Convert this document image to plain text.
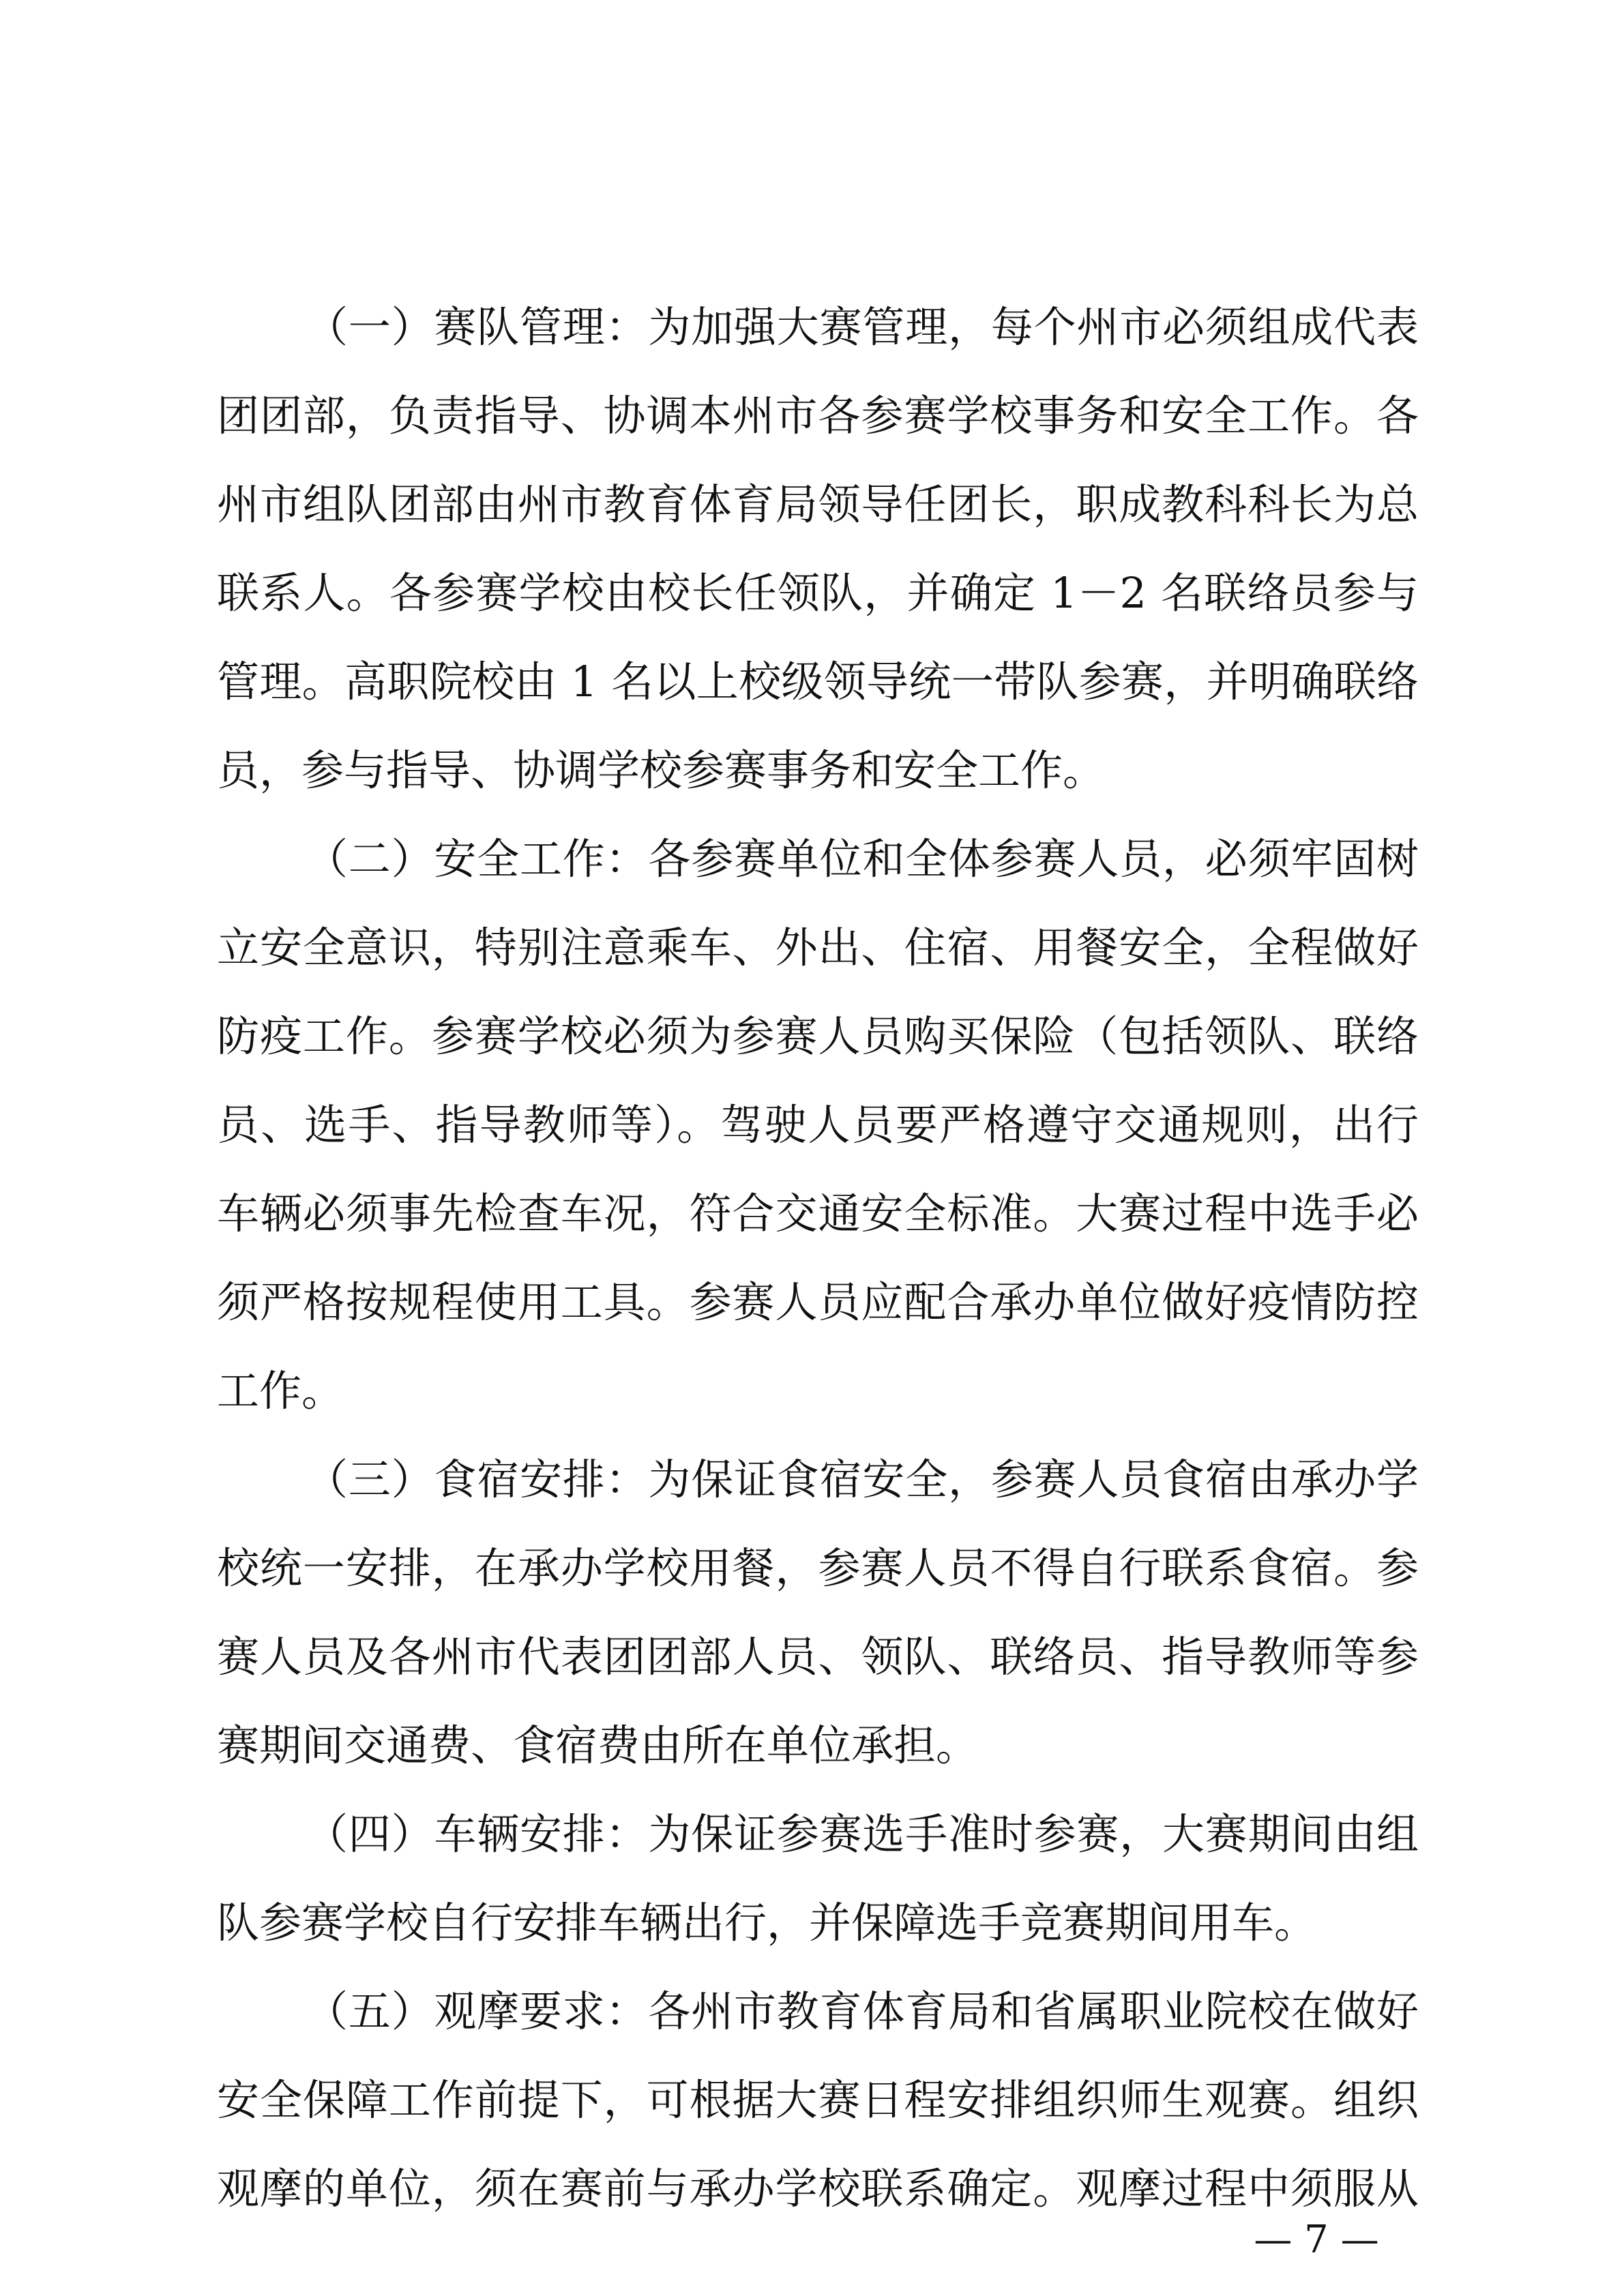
（一）赛队管理：为加强大赛管理，每个州市必须组成代表
团团部，负责指导、协调本州市各参赛学校事务和安全工作。各
州市组队团部由州市教育体育局领导任团长，职成教科科长为总
联系人。各参赛学校由校长任领队，并确定 1－2 名联络员参与
管理。高职院校由 1 名以上校级领导统一带队参赛，并明确联络
员，参与指导、协调学校参赛事务和安全工作。
（二）安全工作：各参赛单位和全体参赛人员，必须牢固树
立安全意识，特别注意乘车、外出、住宿、用餐安全，全程做好
防疫工作。参赛学校必须为参赛人员购买保险（包括领队、联络
员、选手、指导教师等）。驾驶人员要严格遵守交通规则，出行
车辆必须事先检查车况，符合交通安全标准。大赛过程中选手必
须严格按规程使用工具。参赛人员应配合承办单位做好疫情防控
工作。
（三）食宿安排：为保证食宿安全，参赛人员食宿由承办学
校统一安排，在承办学校用餐，参赛人员不得自行联系食宿。参
赛人员及各州市代表团团部人员、领队、联络员、指导教师等参
赛期间交通费、食宿费由所在单位承担。
（四）车辆安排：为保证参赛选手准时参赛，大赛期间由组
队参赛学校自行安排车辆出行，并保障选手竞赛期间用车。
（五）观摩要求：各州市教育体育局和省属职业院校在做好
安全保障工作前提下，可根据大赛日程安排组织师生观赛。组织
观摩的单位，须在赛前与承办学校联系确定。观摩过程中须服从
— 7 —
